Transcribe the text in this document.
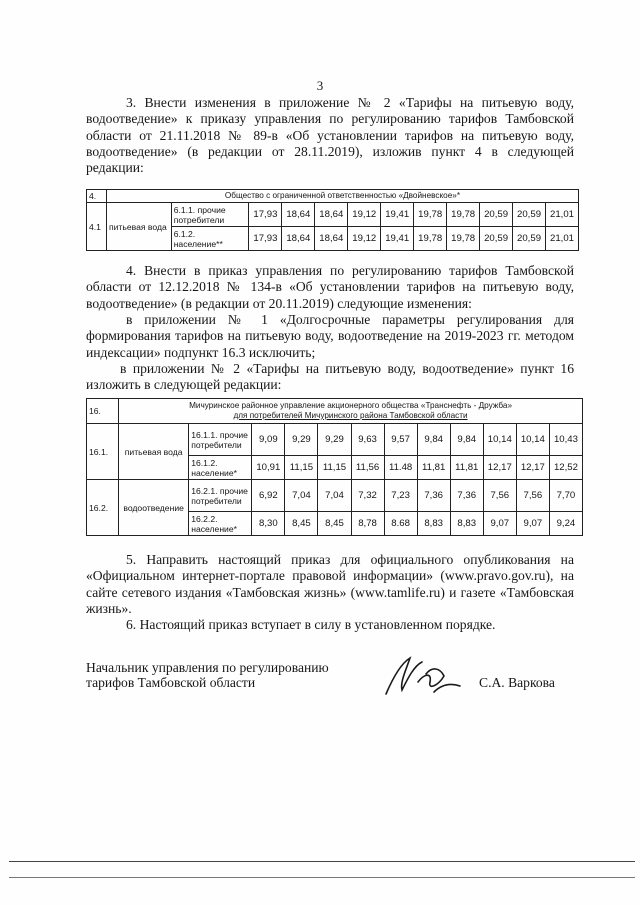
3
3. Внести изменения в приложение № 2 «Тарифы на питьевую воду, водоотведение» к приказу управления по регулированию тарифов Тамбовской области от 21.11.2018 № 89-в «Об установлении тарифов на питьевую воду, водоотведение» (в редакции от 28.11.2019), изложив пункт 4 в следующей редакции:
4.	Общество с ограниченной ответственностью «Двойневское»*											
4.1	питьевая вода	6.1.1. прочие потребители	17,93	18,64	18,64	19,12	19,41	19,78	19,78	20,59	20,59	21,01
		6.1.2. население**	17,93	18,64	18,64	19,12	19,41	19,78	19,78	20,59	20,59	21,01
4. Внести в приказ управления по регулированию тарифов Тамбовской области от 12.12.2018 № 134-в «Об установлении тарифов на питьевую воду, водоотведение» (в редакции от 20.11.2019) следующие изменения:
в приложении № 1 «Долгосрочные параметры регулирования для формирования тарифов на питьевую воду, водоотведение на 2019-2023 гг. методом индексации» подпункт 16.3 исключить;
в приложении № 2 «Тарифы на питьевую воду, водоотведение» пункт 16 изложить в следующей редакции:
16.	Мичуринское районное управление акционерного общества «Транснефть - Дружба»
для потребителей Мичуринского района Тамбовской области											

16.1.	питьевая вода	16.1.1. прочие потребители	9,09	9,29	9,29	9,63	9,57	9,84	9,84	10,14	10,14	10,43
		16.1.2. население*	10,91	11,15	11,15	11,56	11.48	11,81	11,81	12,17	12,17	12,52
16.2.	водоотведение	16.2.1. прочие потребители	6,92	7,04	7,04	7,32	7,23	7,36	7,36	7,56	7,56	7,70
		16.2.2. население*	8,30	8,45	8,45	8,78	8.68	8,83	8,83	9,07	9,07	9,24
5. Направить настоящий приказ для официального опубликования на «Официальном интернет-портале правовой информации» (www.pravo.gov.ru), на сайте сетевого издания «Тамбовская жизнь» (www.tamlife.ru) и газете «Тамбовская жизнь».
6. Настоящий приказ вступает в силу в установленном порядке.
Начальник управления по регулированию
тарифов Тамбовской области	С.А. Варкова
